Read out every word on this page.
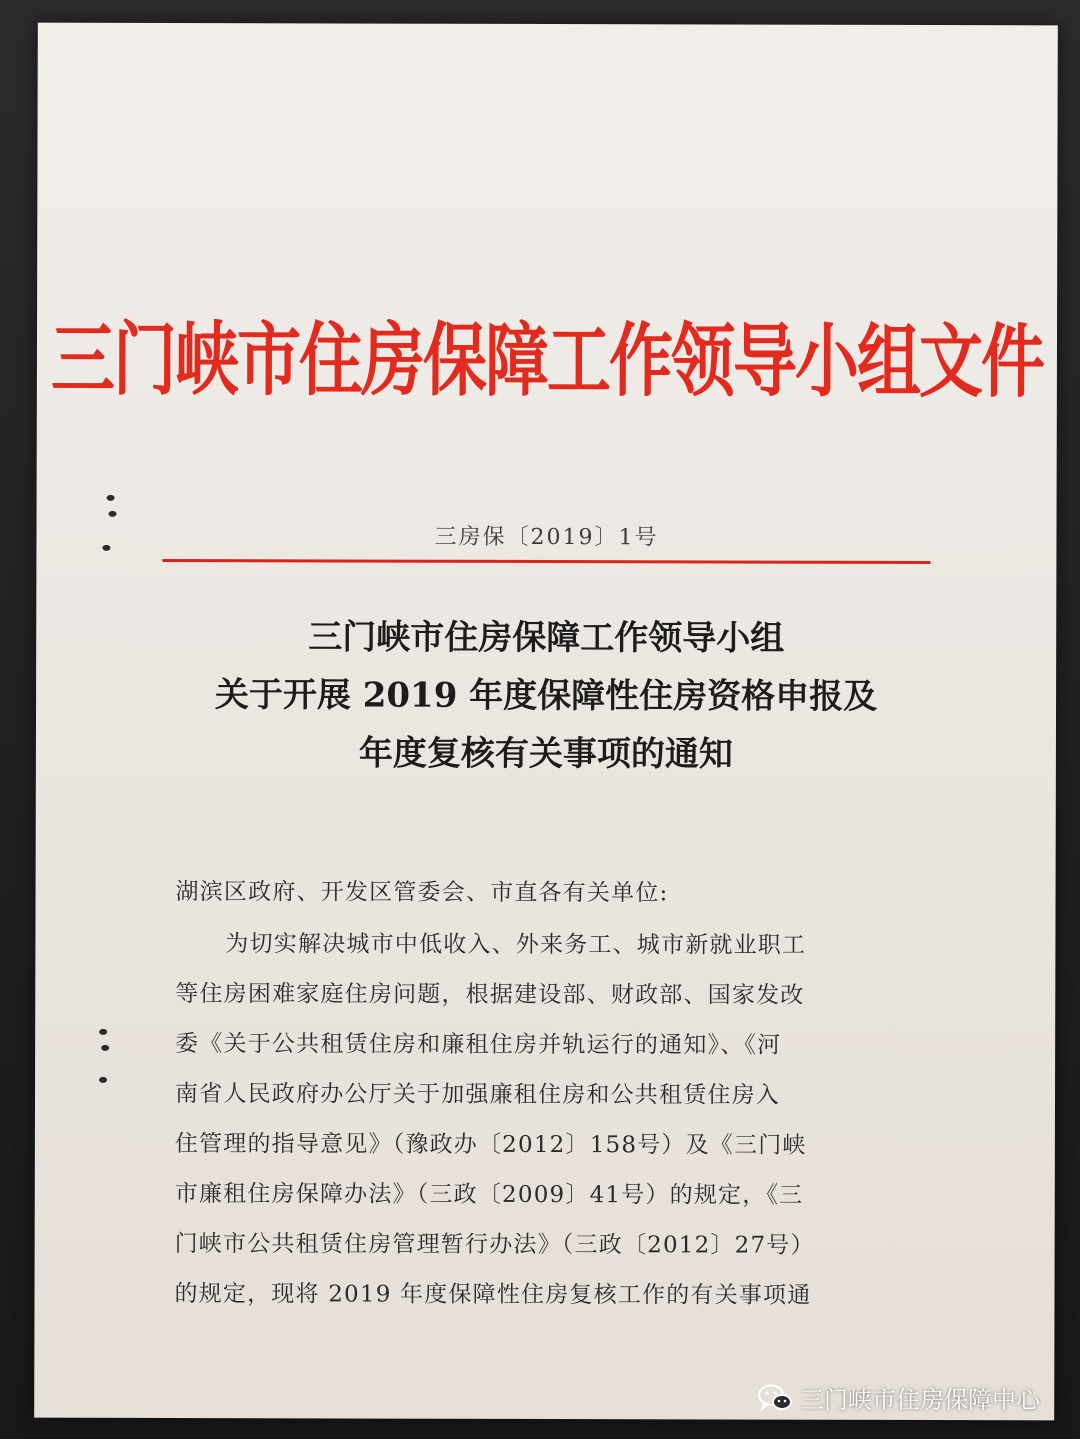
三门峡市住房保障工作领导小组文件
三房保〔2019〕1号
三门峡市住房保障工作领导小组
关于开展 2019 年度保障性住房资格申报及
年度复核有关事项的通知
湖滨区政府、开发区管委会、市直各有关单位:
为切实解决城市中低收入、外来务工、城市新就业职工
等住房困难家庭住房问题，根据建设部、财政部、国家发改
委《关于公共租赁住房和廉租住房并轨运行的通知》、《河
南省人民政府办公厅关于加强廉租住房和公共租赁住房入
住管理的指导意见》（豫政办〔2012〕158号）及《三门峡
市廉租住房保障办法》（三政〔2009〕41号）的规定，《三
门峡市公共租赁住房管理暂行办法》（三政〔2012〕27号）
的规定，现将 2019 年度保障性住房复核工作的有关事项通
三门峡市住房保障中心
